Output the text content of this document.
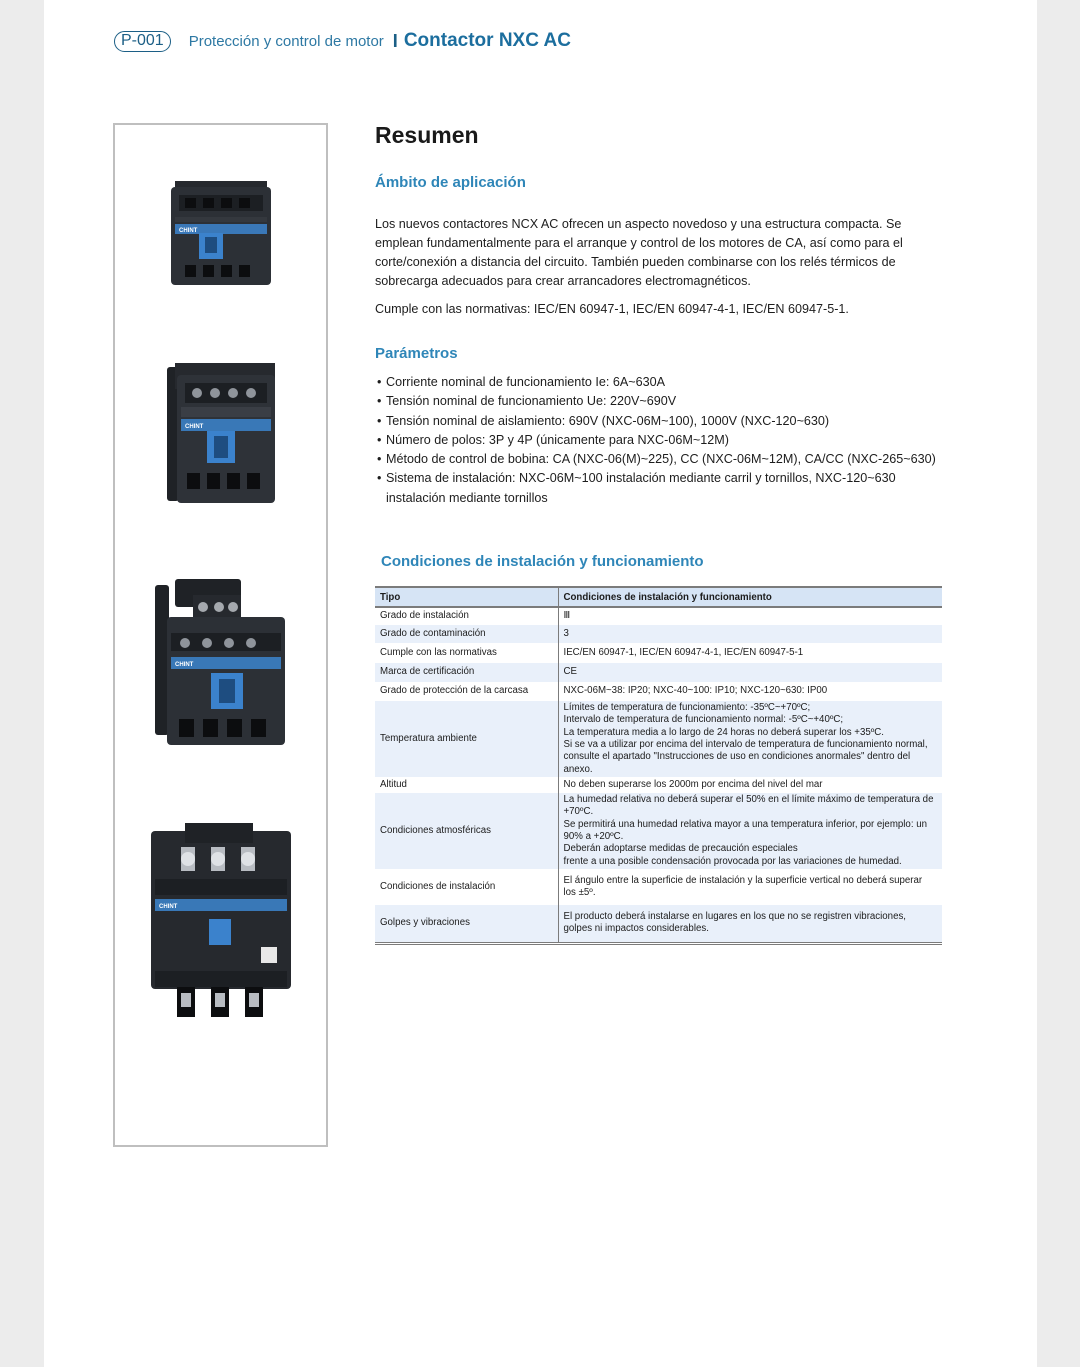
P-001	Protección y control de motor I Contactor NXC AC
CHINT
CHINT
CHINT
CHINT
Resumen
Ámbito de aplicación

Los nuevos contactores NCX AC ofrecen un aspecto novedoso y una estructura compacta. Se emplean fundamentalmente para el arranque y control de los motores de CA, así como para el corte/conexión a distancia del circuito. También pueden combinarse con los relés térmicos de sobrecarga adecuados para crear arrancadores electromagnéticos.

Cumple con las normativas: IEC/EN 60947-1, IEC/EN 60947-4-1, IEC/EN 60947-5-1.

Parámetros
• Corriente nominal de funcionamiento Ie: 6A~630A
• Tensión nominal de funcionamiento Ue: 220V~690V
• Tensión nominal de aislamiento: 690V (NXC-06M~100), 1000V (NXC-120~630)
• Número de polos: 3P y 4P (únicamente para NXC-06M~12M)
• Método de control de bobina: CA (NXC-06(M)~225), CC (NXC-06M~12M), CA/CC (NXC-265~630)
• Sistema de instalación: NXC-06M~100 instalación mediante carril y tornillos, NXC-120~630 instalación mediante tornillos
Condiciones de instalación y funcionamiento
Tipo	Condiciones de instalación y funcionamiento
Grado de instalación	Ⅲ
Grado de contaminación	3
Cumple con las normativas	IEC/EN 60947-1, IEC/EN 60947-4-1, IEC/EN 60947-5-1
Marca de certificación	CE
Grado de protección de la carcasa	NXC-06M~38: IP20; NXC-40~100: IP10; NXC-120~630: IP00
Temperatura ambiente	Límites de temperatura de funcionamiento: -35ºC~+70ºC;
Intervalo de temperatura de funcionamiento normal: -5ºC~+40ºC;
La temperatura media a lo largo de 24 horas no deberá superar los +35ºC.
Si se va a utilizar por encima del intervalo de temperatura de funcionamiento normal, consulte el apartado "Instrucciones de uso en condiciones anormales" dentro del anexo.
Altitud	No deben superarse los 2000m por encima del nivel del mar
Condiciones atmosféricas	La humedad relativa no deberá superar el 50% en el límite máximo de temperatura de +70ºC.
Se permitirá una humedad relativa mayor a una temperatura inferior, por ejemplo: un 90% a +20ºC.
Deberán adoptarse medidas de precaución especiales
frente a una posible condensación provocada por las variaciones de humedad.
Condiciones de instalación	El ángulo entre la superficie de instalación y la superficie vertical no deberá superar los ±5º.
Golpes y vibraciones	El producto deberá instalarse en lugares en los que no se registren vibraciones, golpes ni impactos considerables.
